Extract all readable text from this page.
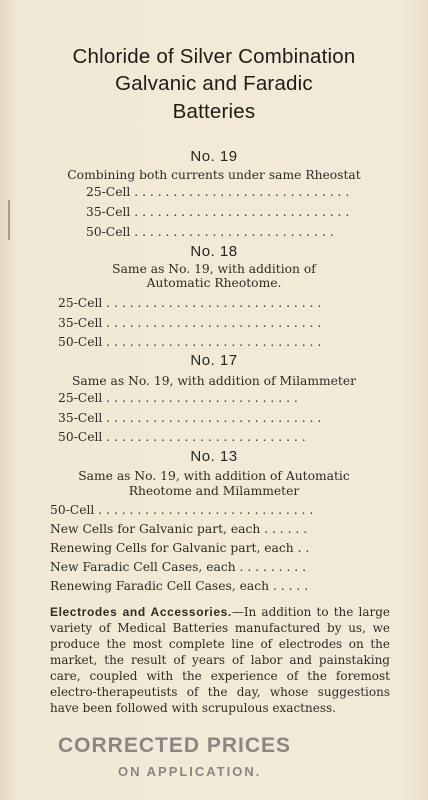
Chloride of Silver Combination

Galvanic and Faradic

Batteries

No. 19

Combining both currents under same Rheostat

25-Cell . . . . . . . . . . . . . . . . . . . . . . . . . . . .

35-Cell . . . . . . . . . . . . . . . . . . . . . . . . . . . .

50-Cell . . . . . . . . . . . . . . . . . . . . . . . . . .

No. 18

Same as No. 19, with addition of

Automatic Rheotome.

25-Cell . . . . . . . . . . . . . . . . . . . . . . . . . . . .

35-Cell . . . . . . . . . . . . . . . . . . . . . . . . . . . .

50-Cell . . . . . . . . . . . . . . . . . . . . . . . . . . . .

No. 17

Same as No. 19, with addition of Milammeter

25-Cell . . . . . . . . . . . . . . . . . . . . . . . . .

35-Cell . . . . . . . . . . . . . . . . . . . . . . . . . . . .

50-Cell . . . . . . . . . . . . . . . . . . . . . . . . . .

No. 13

Same as No. 19, with addition of Automatic

Rheotome and Milammeter

50-Cell . . . . . . . . . . . . . . . . . . . . . . . . . . . .

New Cells for Galvanic part, each . . . . . .

Renewing Cells for Galvanic part, each . .

New Faradic Cell Cases, each . . . . . . . . .

Renewing Faradic Cell Cases, each . . . . .

Electrodes and Accessories.—In addition to the large variety of Medical Batteries manufactured by us, we produce the most complete line of electrodes on the market, the result of years of labor and painstaking care, coupled with the experience of the foremost electro-therapeutists of the day, whose suggestions have been followed with scrupulous exactness.

CORRECTED PRICES

ON APPLICATION.
